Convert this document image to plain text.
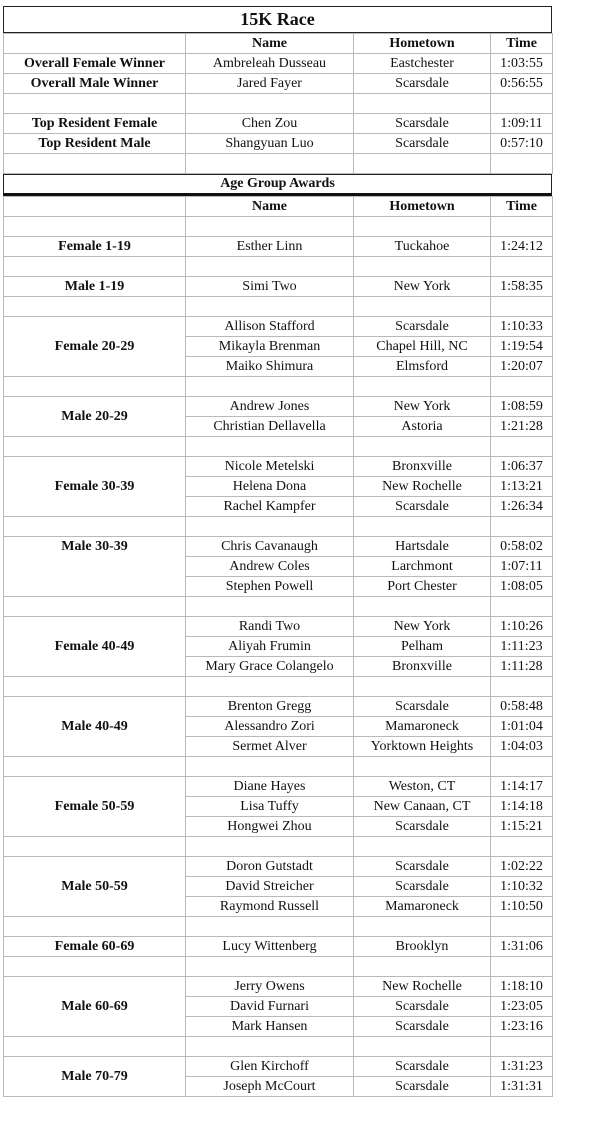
15K Race
	Name	Hometown	Time
Overall Female Winner	Ambreleah Dusseau	Eastchester	1:03:55
Overall Male Winner	Jared Fayer	Scarsdale	0:56:55

Top Resident Female	Chen Zou	Scarsdale	1:09:11
Top Resident Male	Shangyuan Luo	Scarsdale	0:57:10

Age Group Awards
	Name	Hometown	Time

Female 1-19	Esther Linn	Tuckahoe	1:24:12

Male 1-19	Simi Two	New York	1:58:35

Female 20-29	Allison Stafford	Scarsdale	1:10:33
	Mikayla Brenman	Chapel Hill, NC	1:19:54
	Maiko Shimura	Elmsford	1:20:07

Male 20-29	Andrew Jones	New York	1:08:59
	Christian Dellavella	Astoria	1:21:28

Female 30-39	Nicole Metelski	Bronxville	1:06:37
	Helena Dona	New Rochelle	1:13:21
	Rachel Kampfer	Scarsdale	1:26:34

Male 30-39	Chris Cavanaugh	Hartsdale	0:58:02
	Andrew Coles	Larchmont	1:07:11
	Stephen Powell	Port Chester	1:08:05

Female 40-49	Randi Two	New York	1:10:26
	Aliyah Frumin	Pelham	1:11:23
	Mary Grace Colangelo	Bronxville	1:11:28

Male 40-49	Brenton Gregg	Scarsdale	0:58:48
	Alessandro Zori	Mamaroneck	1:01:04
	Sermet Alver	Yorktown Heights	1:04:03

Female 50-59	Diane Hayes	Weston, CT	1:14:17
	Lisa Tuffy	New Canaan, CT	1:14:18
	Hongwei Zhou	Scarsdale	1:15:21

Male 50-59	Doron Gutstadt	Scarsdale	1:02:22
	David Streicher	Scarsdale	1:10:32
	Raymond Russell	Mamaroneck	1:10:50

Female 60-69	Lucy Wittenberg	Brooklyn	1:31:06

Male 60-69	Jerry Owens	New Rochelle	1:18:10
	David Furnari	Scarsdale	1:23:05
	Mark Hansen	Scarsdale	1:23:16

Male 70-79	Glen Kirchoff	Scarsdale	1:31:23
	Joseph McCourt	Scarsdale	1:31:31
